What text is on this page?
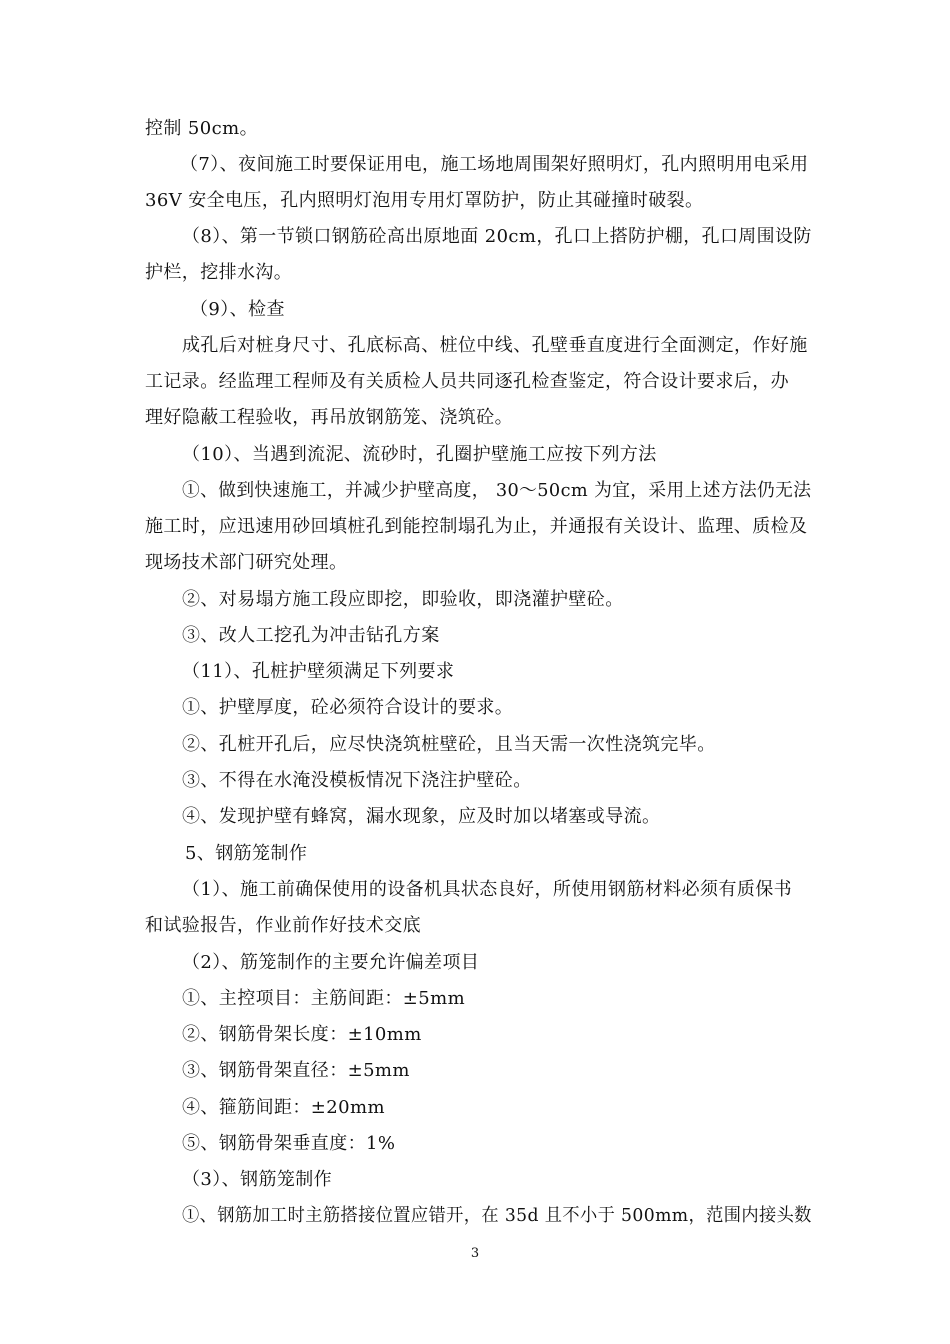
控制 50cm。
（7）、夜间施工时要保证用电，施工场地周围架好照明灯，孔内照明用电采用
36V 安全电压，孔内照明灯泡用专用灯罩防护，防止其碰撞时破裂。
（8）、第一节锁口钢筋砼高出原地面 20cm，孔口上搭防护棚，孔口周围设防
护栏，挖排水沟。
（9）、检查
成孔后对桩身尺寸、孔底标高、桩位中线、孔壁垂直度进行全面测定，作好施
工记录。经监理工程师及有关质检人员共同逐孔检查鉴定，符合设计要求后，办
理好隐蔽工程验收，再吊放钢筋笼、浇筑砼。
（10）、当遇到流泥、流砂时，孔圈护壁施工应按下列方法
①、做到快速施工，并减少护壁高度， 30～50cm 为宜，采用上述方法仍无法
施工时，应迅速用砂回填桩孔到能控制塌孔为止，并通报有关设计、监理、质检及
现场技术部门研究处理。
②、对易塌方施工段应即挖，即验收，即浇灌护壁砼。
③、改人工挖孔为冲击钻孔方案
（11）、孔桩护壁须满足下列要求
①、护壁厚度，砼必须符合设计的要求。
②、孔桩开孔后，应尽快浇筑桩壁砼，且当天需一次性浇筑完毕。
③、不得在水淹没模板情况下浇注护壁砼。
④、发现护壁有蜂窝，漏水现象，应及时加以堵塞或导流。
5、钢筋笼制作
（1）、施工前确保使用的设备机具状态良好，所使用钢筋材料必须有质保书
和试验报告，作业前作好技术交底
（2）、筋笼制作的主要允许偏差项目
①、主控项目：主筋间距：±5mm
②、钢筋骨架长度：±10mm
③、钢筋骨架直径：±5mm
④、箍筋间距：±20mm
⑤、钢筋骨架垂直度：1%
（3）、钢筋笼制作
①、钢筋加工时主筋搭接位置应错开，在 35d 且不小于 500mm，范围内接头数
3
